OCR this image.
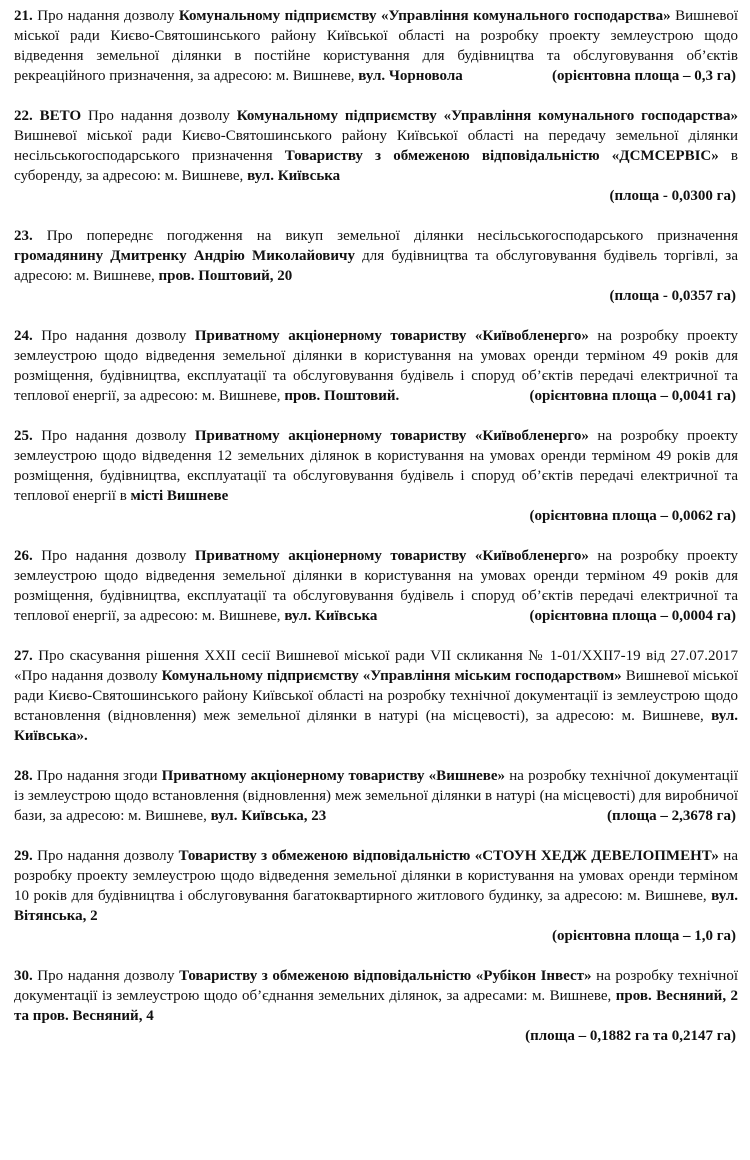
21. Про надання дозволу Комунальному підприємству «Управління комунального господарства» Вишневої міської ради Києво-Святошинського району Київської області на розробку проекту землеустрою щодо відведення земельної ділянки в постійне користування для будівництва та обслуговування об’єктів рекреаційного призначення, за адресою: м. Вишневе, вул. Чорновола	(орієнтовна площа – 0,3 га)

22. ВЕТО Про надання дозволу Комунальному підприємству «Управління комунального господарства» Вишневої міської ради Києво-Святошинського району Київської області на передачу земельної ділянки несільськогосподарського призначення Товариству з обмеженою відповідальністю «ДСМСЕРВІС» в суборенду, за адресою: м. Вишневе, вул. Київська
(площа - 0,0300 га)

23. Про попереднє погодження на викуп земельної ділянки несільськогосподарського призначення громадянину Дмитренку Андрію Миколайовичу для будівництва та обслуговування будівель торгівлі, за адресою: м. Вишневе, пров. Поштовий, 20
(площа - 0,0357 га)

24. Про надання дозволу Приватному акціонерному товариству «Київобленерго» на розробку проекту землеустрою щодо відведення земельної ділянки в користування на умовах оренди терміном 49 років для розміщення, будівництва, експлуатації та обслуговування будівель і споруд об’єктів передачі електричної та теплової енергії, за адресою: м. Вишневе, пров. Поштовий.	(орієнтовна площа – 0,0041 га)

25. Про надання дозволу Приватному акціонерному товариству «Київобленерго» на розробку проекту землеустрою щодо відведення 12 земельних ділянок в користування на умовах оренди терміном 49 років для розміщення, будівництва, експлуатації та обслуговування будівель і споруд об’єктів передачі електричної та теплової енергії в місті Вишневе
(орієнтовна площа – 0,0062 га)

26. Про надання дозволу Приватному акціонерному товариству «Київобленерго» на розробку проекту землеустрою щодо відведення земельної ділянки в користування на умовах оренди терміном 49 років для розміщення, будівництва, експлуатації та обслуговування будівель і споруд об’єктів передачі електричної та теплової енергії, за адресою: м. Вишневе, вул. Київська	(орієнтовна площа – 0,0004 га)

27. Про скасування рішення XXII сесії Вишневої міської ради VII скликання № 1-01/XXII7-19 від 27.07.2017 «Про надання дозволу Комунальному підприємству «Управління міським господарством» Вишневої міської ради Києво-Святошинського району Київської області на розробку технічної документації із землеустрою щодо встановлення (відновлення) меж земельної ділянки в натурі (на місцевості), за адресою: м. Вишневе, вул. Київська».

28. Про надання згоди Приватному акціонерному товариству «Вишневе» на розробку технічної документації із землеустрою щодо встановлення (відновлення) меж земельної ділянки в натурі (на місцевості) для виробничої бази, за адресою: м. Вишневе, вул. Київська, 23	(площа – 2,3678 га)

29. Про надання дозволу Товариству з обмеженою відповідальністю «СТОУН ХЕДЖ ДЕВЕЛОПМЕНТ» на розробку проекту землеустрою щодо відведення земельної ділянки в користування на умовах оренди терміном 10 років для будівництва і обслуговування багатоквартирного житлового будинку, за адресою: м. Вишневе, вул. Вітянська, 2
(орієнтовна площа – 1,0 га)

30. Про надання дозволу Товариству з обмеженою відповідальністю «Рубікон Інвест» на розробку технічної документації із землеустрою щодо об’єднання земельних ділянок, за адресами: м. Вишневе, пров. Весняний, 2 та пров. Весняний, 4
(площа – 0,1882 га та 0,2147 га)
